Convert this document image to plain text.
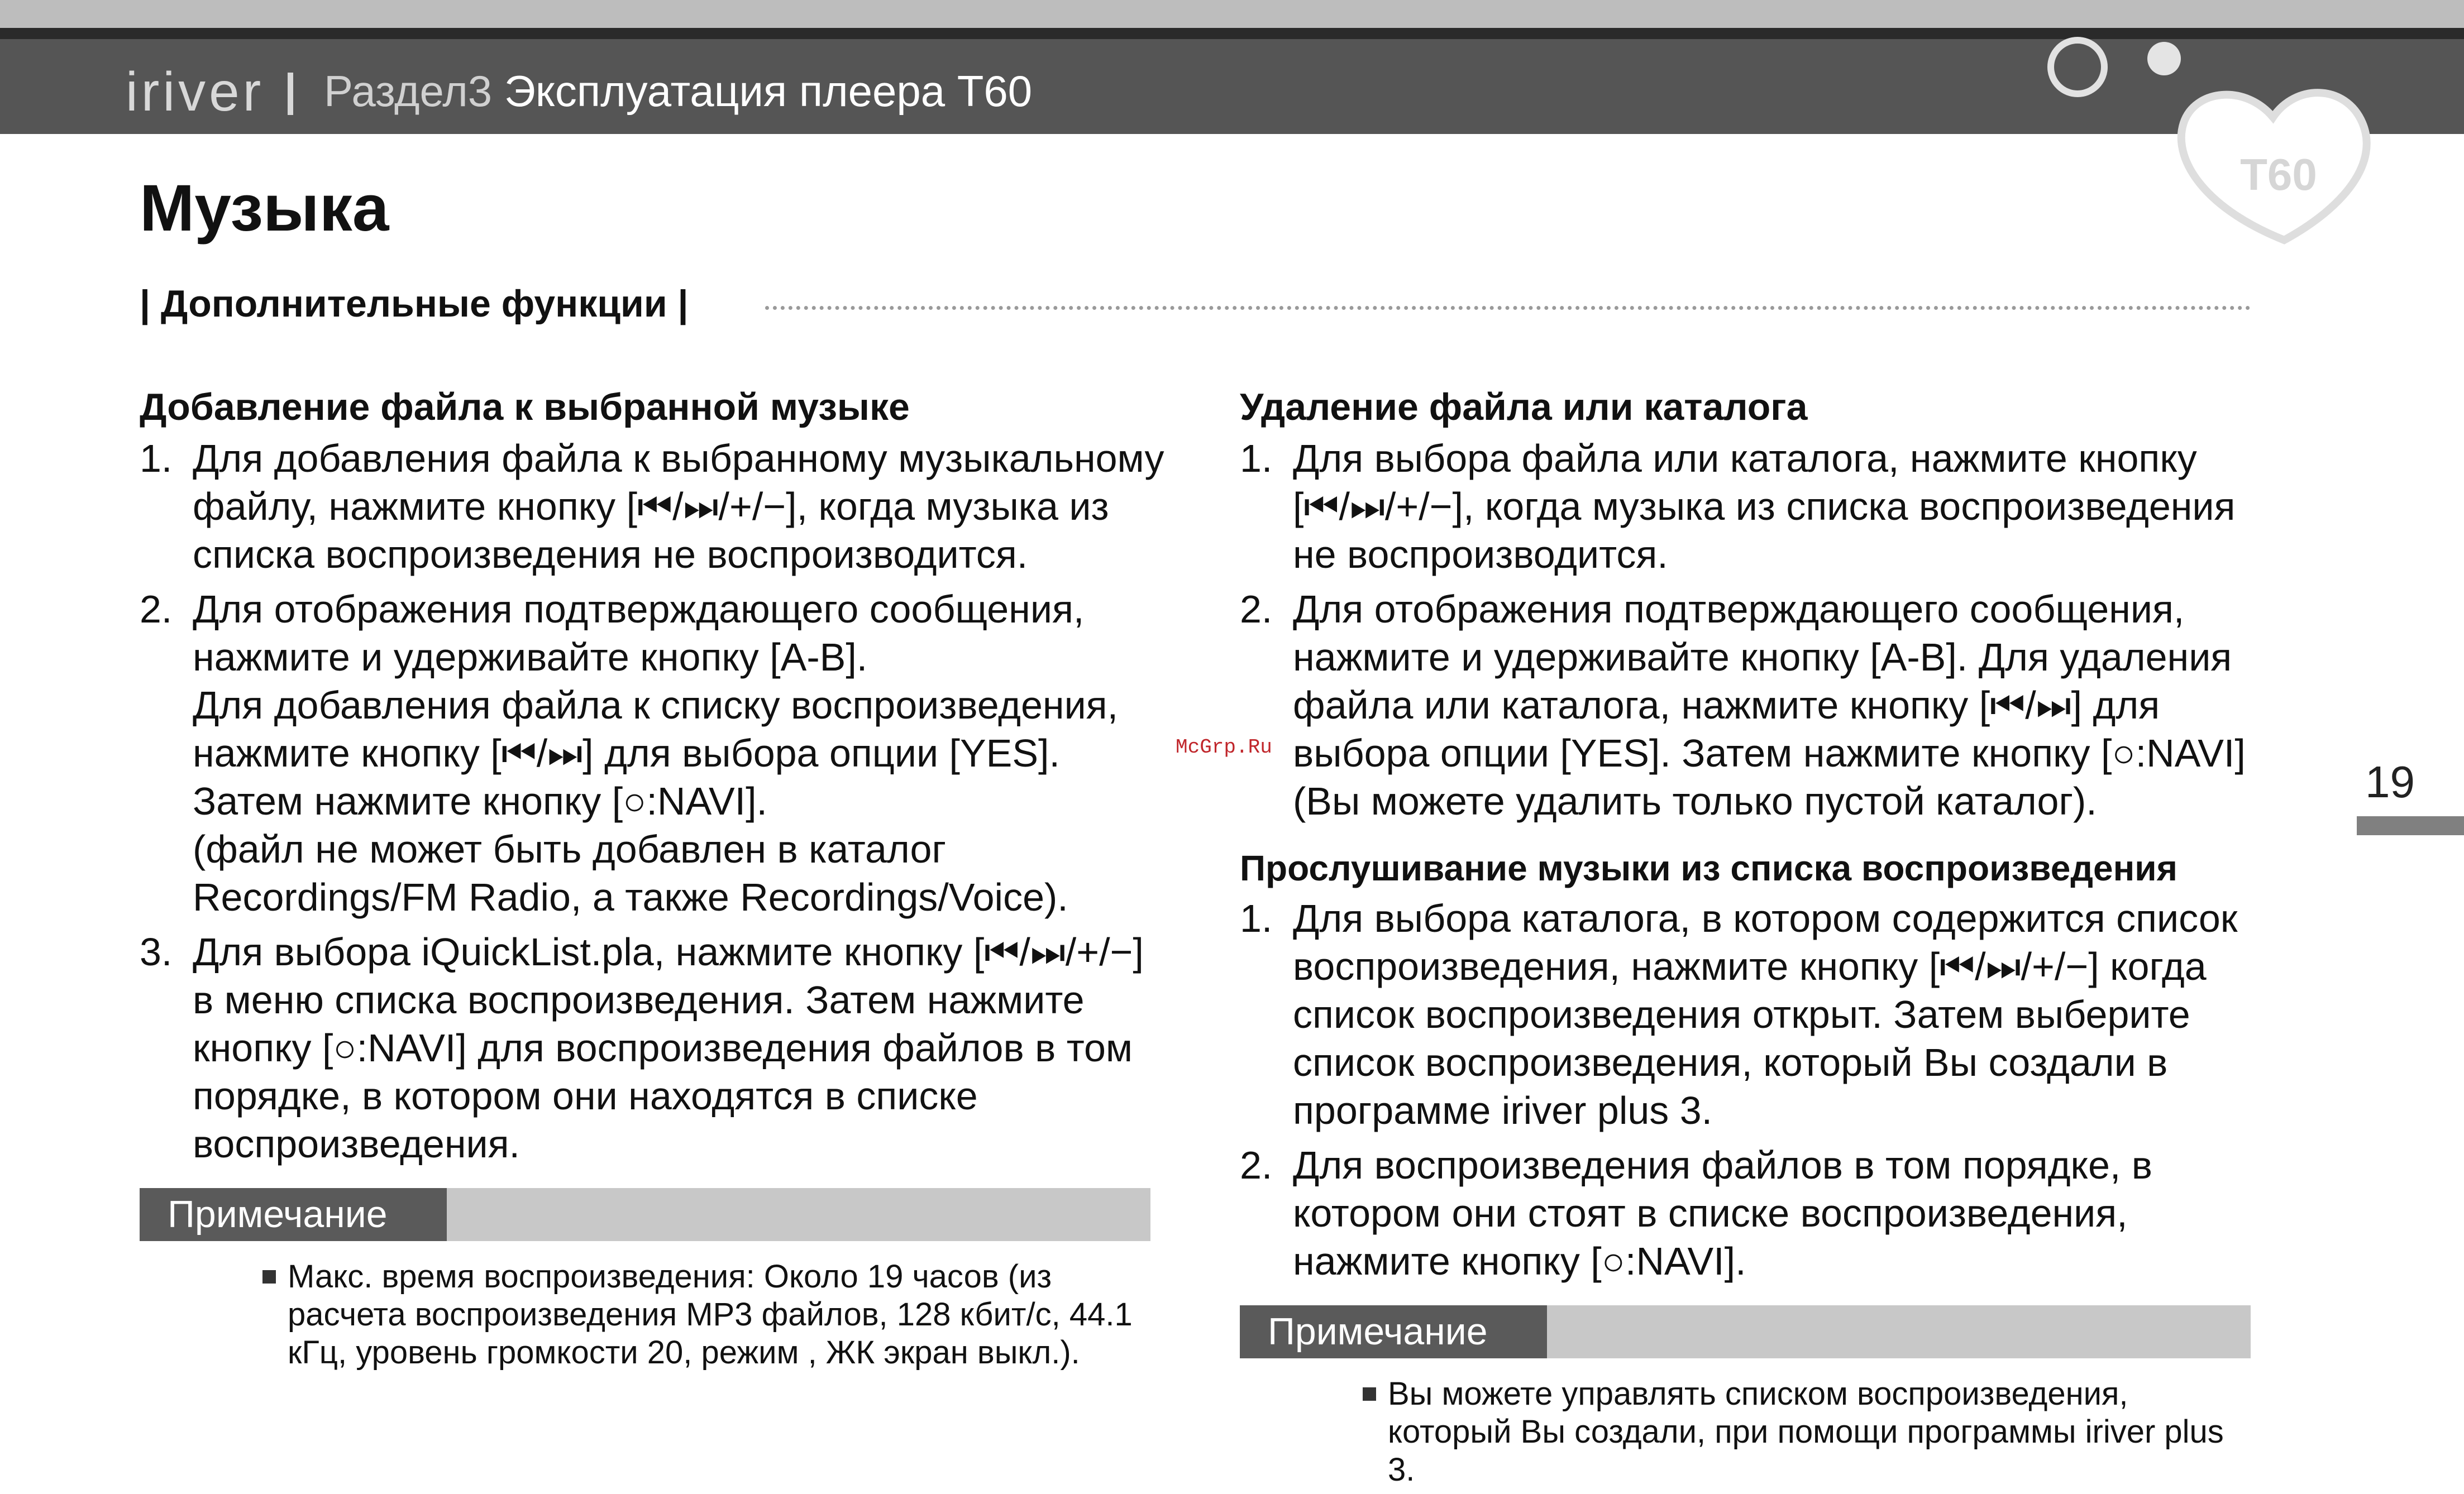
iriver Раздел3 Эксплуатация плеера T60
T60
Музыка
| Дополнительные функции |
Добавление файла к выбранной музыке
1. Для добавления файла к выбранному музыкальному файлу, нажмите кнопку [⏮/⏭/+/−], когда музыка из списка воспроизведения не воспроизводится.

2. Для отображения подтверждающего сообщения, нажмите и удерживайте кнопку [A-B].

Для добавления файла к списку воспроизведения, нажмите кнопку [⏮/⏭] для выбора опции [YES]. Затем нажмите кнопку [○:NAVI].

(файл не может быть добавлен в каталог Recordings/FM Radio, а также Recordings/Voice).

3. Для выбора iQuickList.pla, нажмите кнопку [⏮/⏭/+/−] в меню списка воспроизведения. Затем нажмите кнопку [○:NAVI] для воспроизведения файлов в том порядке, в котором они находятся в списке воспроизведения.

Примечание
Макс. время воспроизведения: Около 19 часов (из расчета воспроизведения MP3 файлов, 128 кбит/с, 44.1 кГц, уровень громкости 20, режим , ЖК экран выкл.).
Удаление файла или каталога
1. Для выбора файла или каталога, нажмите кнопку [⏮/⏭/+/−], когда музыка из списка воспроизведения не воспроизводится.

2. Для отображения подтверждающего сообщения, нажмите и удерживайте кнопку [A-B]. Для удаления файла или каталога, нажмите кнопку [⏮/⏭] для выбора опции [YES]. Затем нажмите кнопку [○:NAVI] (Вы можете удалить только пустой каталог).

Прослушивание музыки из списка воспроизведения
1. Для выбора каталога, в котором содержится список воспроизведения, нажмите кнопку [⏮/⏭/+/−] когда список воспроизведения открыт. Затем выберите список воспроизведения, который Вы создали в программе iriver plus 3.

2. Для воспроизведения файлов в том порядке, в котором они стоят в списке воспроизведения, нажмите кнопку [○:NAVI].

Примечание
Вы можете управлять списком воспроизведения, который Вы создали, при помощи программы iriver plus 3.
McGrp.Ru
19
